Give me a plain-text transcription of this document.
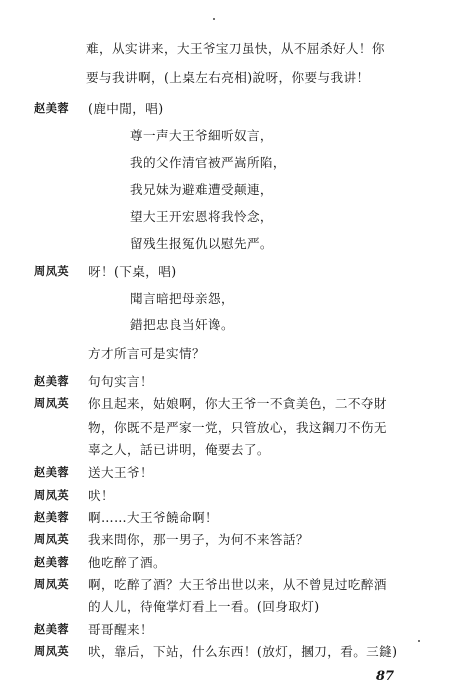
难，从实讲来，大王爷宝刀虽快，从不屈杀好人！你
要与我讲啊，(上桌左右亮相)說呀，你要与我讲！
赵美蓉 (鹿中閒，唱)
尊一声大王爷細听奴言，
我的父作清官被严嵩所陷，
我兄妹为避难遭受颠連，
望大王开宏恩将我怜念，
留残生报冤仇以慰先严。
周凤英 呀！(下桌，唱)
聞言暗把母亲怨，
錯把忠良当奸谗。
方才所言可是实情？
赵美蓉 句句实言！
周凤英 你且起来，姑娘啊，你大王爷一不貪美色，二不夺財
物，你既不是严家一党，只管放心，我这鋼刀不伤无
辜之人，話已讲明，俺要去了。
赵美蓉 送大王爷！
周凤英 吠！
赵美蓉 啊……大王爷饒命啊！
周凤英 我来問你，那一男子，为何不来答話？
赵美蓉 他吃醉了酒。
周凤英 啊，吃醉了酒？大王爷出世以来，从不曾見过吃醉酒
的人儿，待俺掌灯看上一看。(回身取灯)
赵美蓉 哥哥醒来！
周凤英 吠，靠后，下站，什么东西！(放灯，摑刀，看。三鏠)
87
